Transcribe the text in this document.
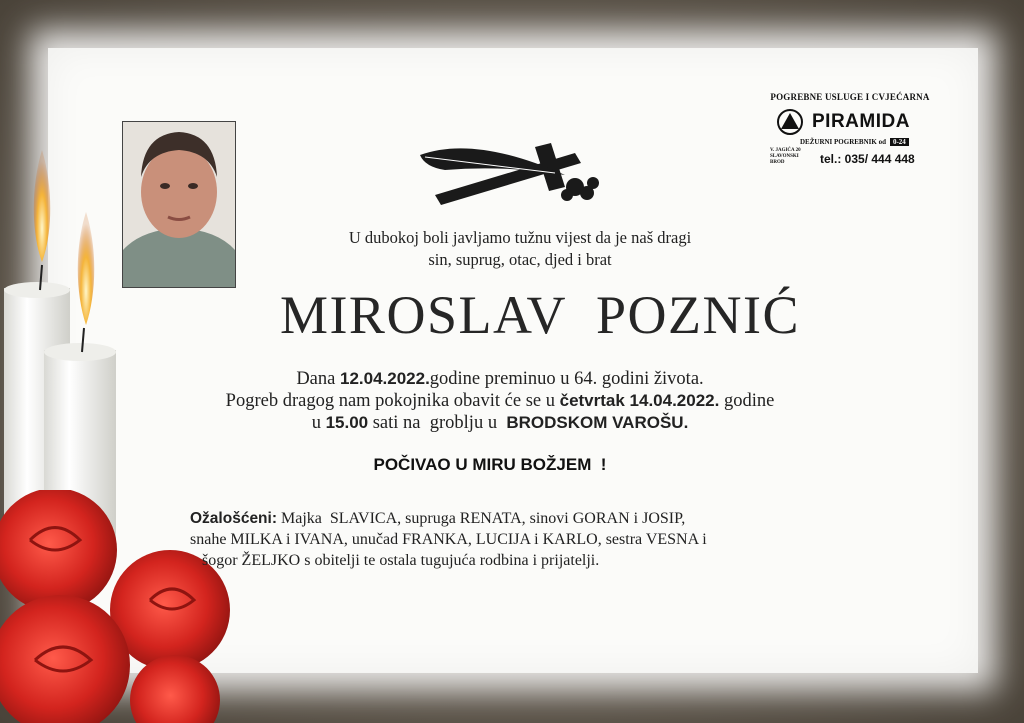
POGREBNE USLUGE I CVJEĆARNA
PIRAMIDA
DEŽURNI POGREBNIK od	0-24
V. JAGIĆA 20
SLAVONSKI BROD	tel.: 035/ 444 448
U dubokoj boli javljamo tužnu vijest da je naš dragi
sin, suprug, otac, djed i brat
MIROSLAV  POZNIĆ
Dana 12.04.2022.godine preminuo u 64. godini života.
Pogreb dragog nam pokojnika obavit će se u četvrtak 14.04.2022. godine
u 15.00 sati na  groblju u  BRODSKOM VAROŠU.
POČIVAO U MIRU BOŽJEM  !
Ožalošćeni: Majka  SLAVICA, supruga RENATA, sinovi GORAN i JOSIP,
snahe MILKA i IVANA, unučad FRANKA, LUCIJA i KARLO, sestra VESNA i
šogor ŽELJKO s obitelji te ostala tugujuća rodbina i prijatelji.
